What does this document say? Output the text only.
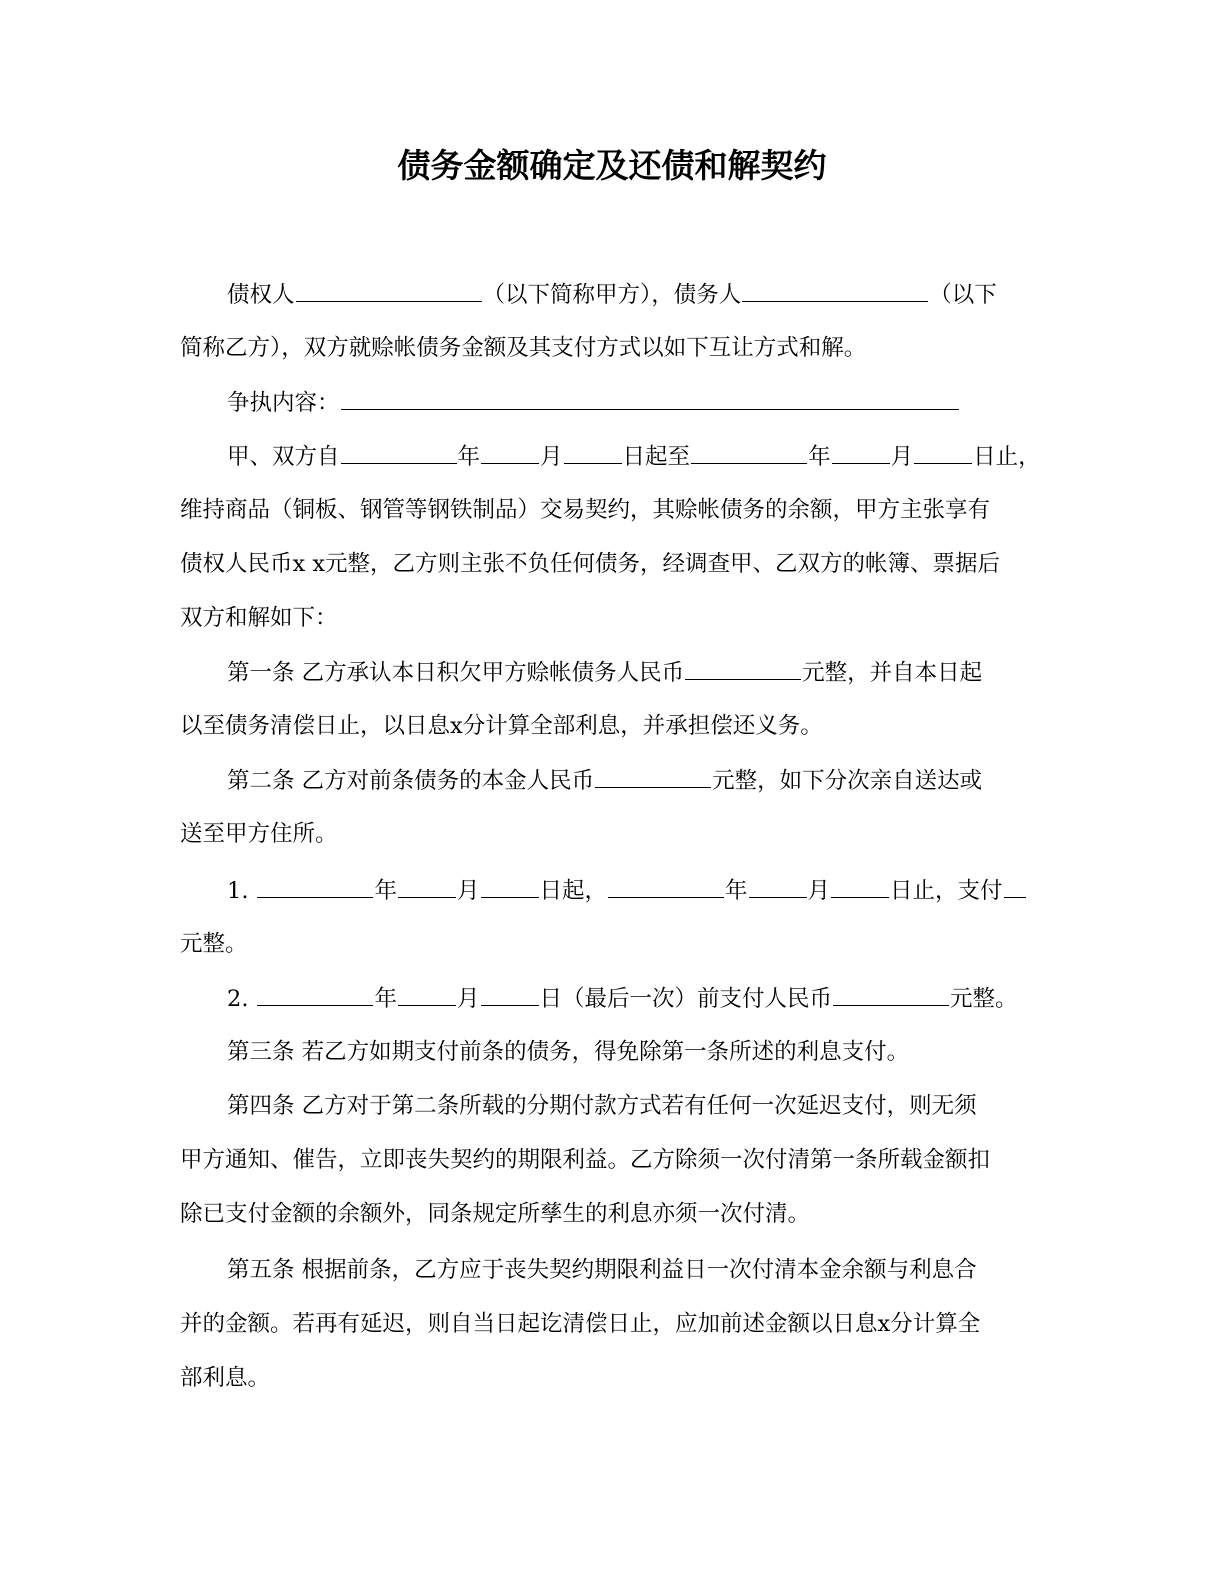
债务金额确定及还债和解契约
债权人	（以下简称甲方），债务人	（以下
简称乙方），双方就赊帐债务金额及其支付方式以如下互让方式和解。
争执内容：
甲、双方自	年	月	日起至	年	月	日止，
维持商品（铜板、钢管等钢铁制品）交易契约，其赊帐债务的余额，甲方主张享有
债权人民币x x元整，乙方则主张不负任何债务，经调查甲、乙双方的帐簿、票据后
双方和解如下：
第一条 乙方承认本日积欠甲方赊帐债务人民币	元整，并自本日起
以至债务清偿日止，以日息x分计算全部利息，并承担偿还义务。
第二条 乙方对前条债务的本金人民币	元整，如下分次亲自送达或
送至甲方住所。
1.	年	月	日起，	年	月	日止，支付
元整。
2.	年	月	日（最后一次）前支付人民币	元整。
第三条 若乙方如期支付前条的债务，得免除第一条所述的利息支付。
第四条 乙方对于第二条所载的分期付款方式若有任何一次延迟支付，则无须
甲方通知、催告，立即丧失契约的期限利益。乙方除须一次付清第一条所载金额扣
除已支付金额的余额外，同条规定所孳生的利息亦须一次付清。
第五条 根据前条，乙方应于丧失契约期限利益日一次付清本金余额与利息合
并的金额。若再有延迟，则自当日起讫清偿日止，应加前述金额以日息x分计算全
部利息。
